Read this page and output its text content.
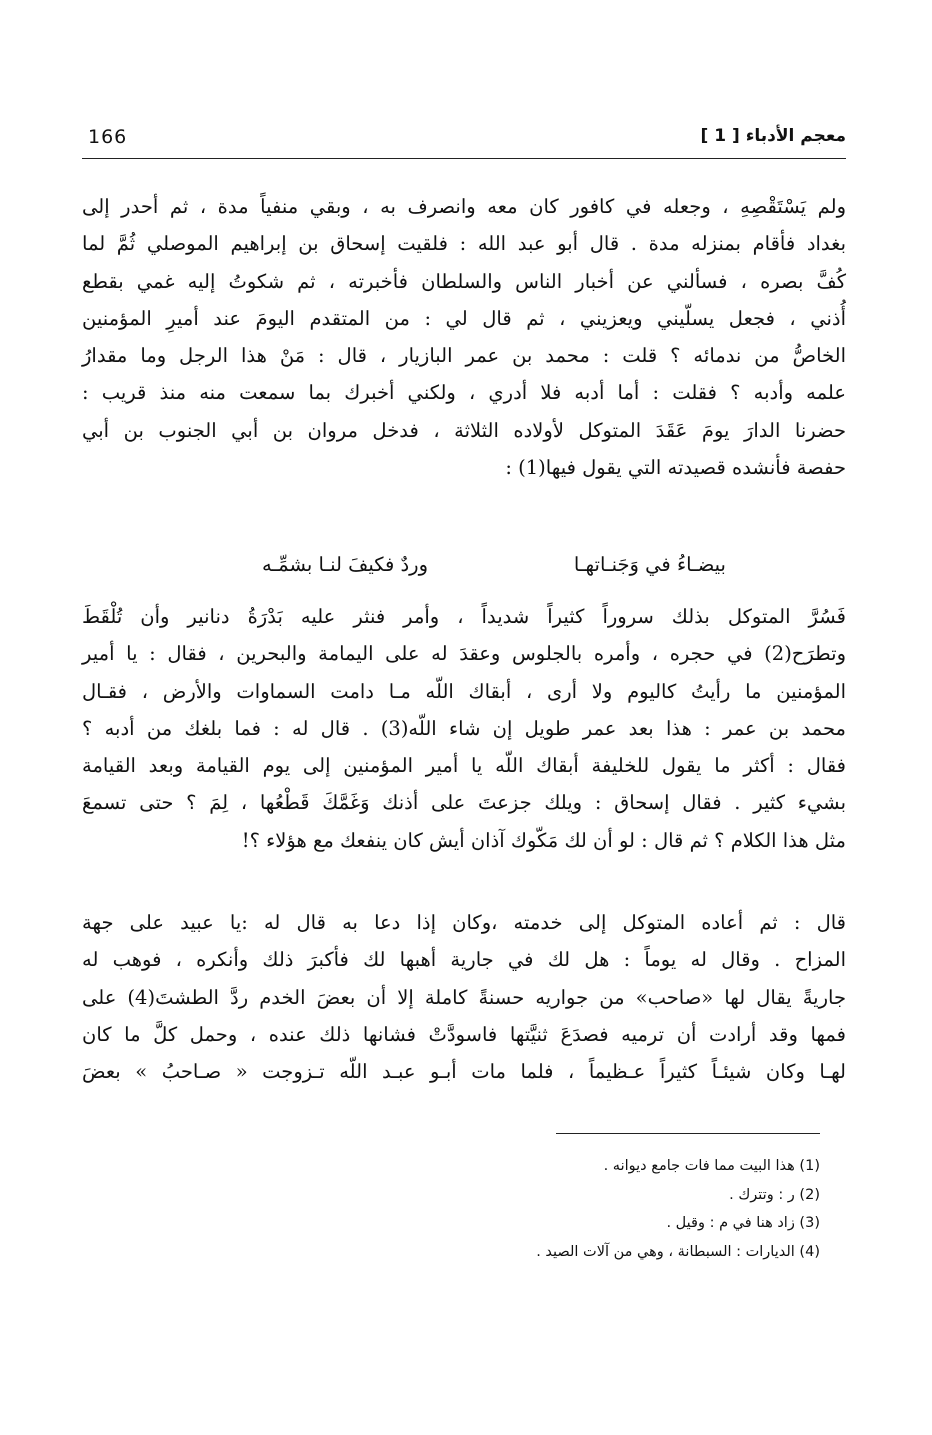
166	معجم الأدباء [ 1 ]
ولم يَسْتَقْصِهِ ، وجعله في كافور كان معه وانصرف به ، وبقي منفياً مدة ، ثم أحدر إلى
بغداد فأقام بمنزله مدة . قال أبو عبد الله : فلقيت إسحاق بن إبراهيم الموصلي ثُمَّ لما
كُفَّ بصره ، فسألني عن أخبار الناس والسلطان فأخبرته ، ثم شكوتُ إليه غمي بقطع
أُذني ، فجعل يسلّيني ويعزيني ، ثم قال لي : من المتقدم اليومَ عند أميرِ المؤمنين
الخاصُّ من ندمائه ؟ قلت : محمد بن عمر البازيار ، قال : مَنْ هذا الرجل وما مقدارُ
علمه وأدبه ؟ فقلت : أما أدبه فلا أدري ، ولكني أخبرك بما سمعت منه منذ قريب :
حضرنا الدارَ يومَ عَقَدَ المتوكل لأولاده الثلاثة ، فدخل مروان بن أبي الجنوب بن أبي
حفصة فأنشده قصيدته التي يقول فيها(1) :
بيضـاءُ في وَجَنـاتهـا
وردٌ فكيفَ لنـا بشمِّـه
فَسُرَّ المتوكل بذلك سروراً كثيراً شديداً ، وأمر فنثر عليه بَدْرَةُ دنانير وأن تُلْقَطَ
وتطرَح(2) في حجره ، وأمره بالجلوس وعقدَ له على اليمامة والبحرين ، فقال : يا أمير
المؤمنين ما رأيتُ كاليوم ولا أرى ، أبقاك اللّه مـا دامت السماوات والأرض ، فقـال
محمد بن عمر : هذا بعد عمر طويل إن شاء اللّه(3) . قال له : فما بلغك من أدبه ؟
فقال : أكثر ما يقول للخليفة أبقاك اللّه يا أمير المؤمنين إلى يوم القيامة وبعد القيامة
بشيء كثير . فقال إسحاق : ويلك جزعتَ على أذنك وَغَمَّكَ قَطْعُها ، لِمَ ؟ حتى تسمعَ
مثل هذا الكلام ؟ ثم قال : لو أن لك مَكّوك آذان أيش كان ينفعك مع هؤلاء ؟!
قال : ثم أعاده المتوكل إلى خدمته ،وكان إذا دعا به قال له :يا عبيد على جهة
المزاح . وقال له يوماً : هل لك في جارية أهبها لك فأكبرَ ذلك وأنكره ، فوهب له
جاريةً يقال لها «صاحب» من جواريه حسنةً كاملة إلا أن بعضَ الخدم ردَّ الطشتَ(4) على
فمها وقد أرادت أن ترميه فصدَعَ ثنيَّتها فاسودَّتْ فشانها ذلك عنده ، وحمل كلَّ ما كان
لهـا وكان شيئـاً كثيراً عـظيماً ، فلما مات أبـو عبـد اللّه تـزوجت « صـاحبُ » بعضَ
(1) هذا البيت مما فات جامع ديوانه .
(2) ر : وتترك .
(3) زاد هنا في م : وقيل .
(4) الديارات : السبطانة ، وهي من آلات الصيد .
